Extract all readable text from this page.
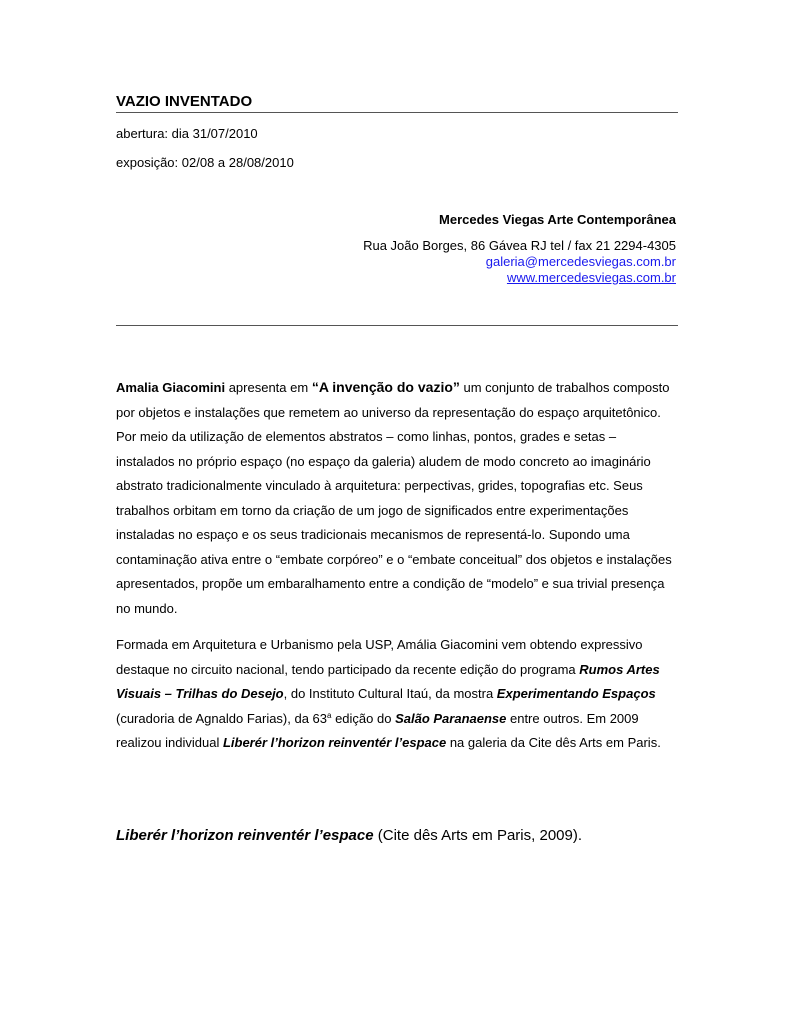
VAZIO INVENTADO
abertura: dia 31/07/2010
exposição: 02/08 a 28/08/2010
Mercedes Viegas Arte Contemporânea
Rua João Borges, 86 Gávea RJ tel / fax 21 2294-4305
galeria@mercedesviegas.com.br
www.mercedesviegas.com.br

Amalia Giacomini apresenta em “A invenção do vazio” um conjunto de trabalhos composto por objetos e instalações que remetem ao universo da representação do espaço arquitetônico. Por meio da utilização de elementos abstratos – como linhas, pontos, grades e setas – instalados no próprio espaço (no espaço da galeria) aludem de modo concreto ao imaginário abstrato tradicionalmente vinculado à arquitetura: perpectivas, grides, topografias etc. Seus trabalhos orbitam em torno da criação de um jogo de significados entre experimentações instaladas no espaço e os seus tradicionais mecanismos de representá-lo. Supondo uma contaminação ativa entre o “embate corpóreo” e o “embate conceitual” dos objetos e instalações apresentados, propõe um embaralhamento entre a condição de “modelo” e sua trivial presença no mundo.

Formada em Arquitetura e Urbanismo pela USP, Amália Giacomini vem obtendo expressivo destaque no circuito nacional, tendo participado da recente edição do programa Rumos Artes Visuais – Trilhas do Desejo, do Instituto Cultural Itaú, da mostra Experimentando Espaços (curadoria de Agnaldo Farias), da 63$^a$ edição do Salão Paranaense entre outros. Em 2009 realizou individual Liberér l’horizon reinventér l’espace na galeria da Cite dês Arts em Paris.

Liberér l’horizon reinventér l’espace (Cite dês Arts em Paris, 2009).
